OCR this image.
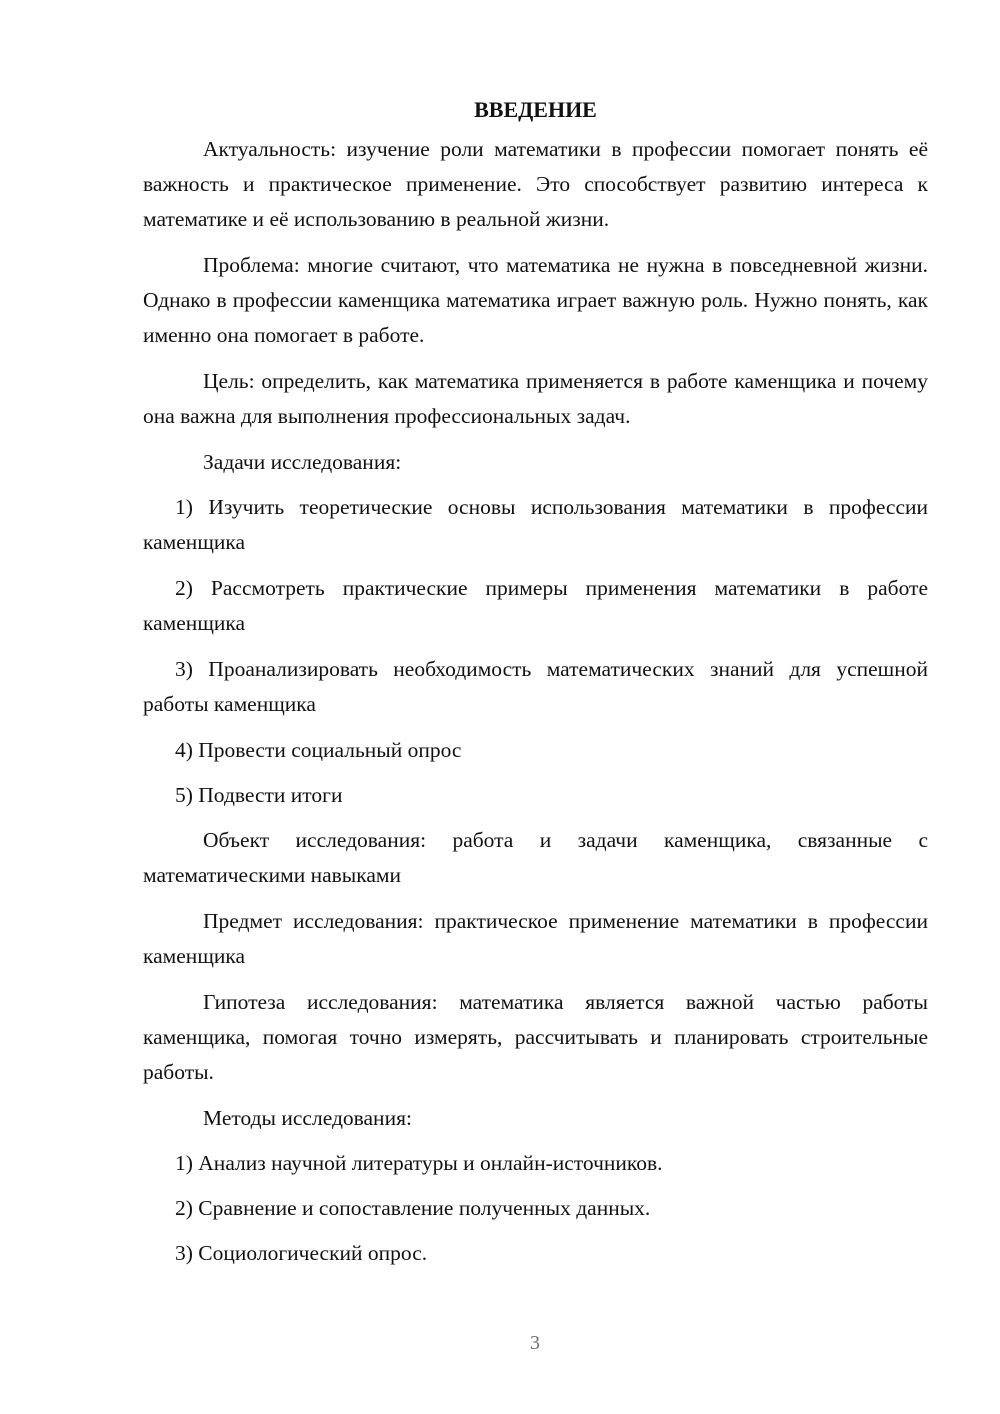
ВВЕДЕНИЕ

Актуальность: изучение роли математики в профессии помогает понять её важность и практическое применение. Это способствует развитию интереса к математике и её использованию в реальной жизни.

Проблема: многие считают, что математика не нужна в повседневной жизни. Однако в профессии каменщика математика играет важную роль. Нужно понять, как именно она помогает в работе.

Цель: определить, как математика применяется в работе каменщика и почему она важна для выполнения профессиональных задач.

Задачи исследования:

1) Изучить теоретические основы использования математики в профессии каменщика

2) Рассмотреть практические примеры применения математики в работе каменщика

3) Проанализировать необходимость математических знаний для успешной работы каменщика

4) Провести социальный опрос

5) Подвести итоги

Объект исследования: работа и задачи каменщика, связанные с математическими навыками

Предмет исследования: практическое применение математики в профессии каменщика

Гипотеза исследования: математика является важной частью работы каменщика, помогая точно измерять, рассчитывать и планировать строительные работы.

Методы исследования:

1) Анализ научной литературы и онлайн-источников.

2) Сравнение и сопоставление полученных данных.

3) Социологический опрос.

3
